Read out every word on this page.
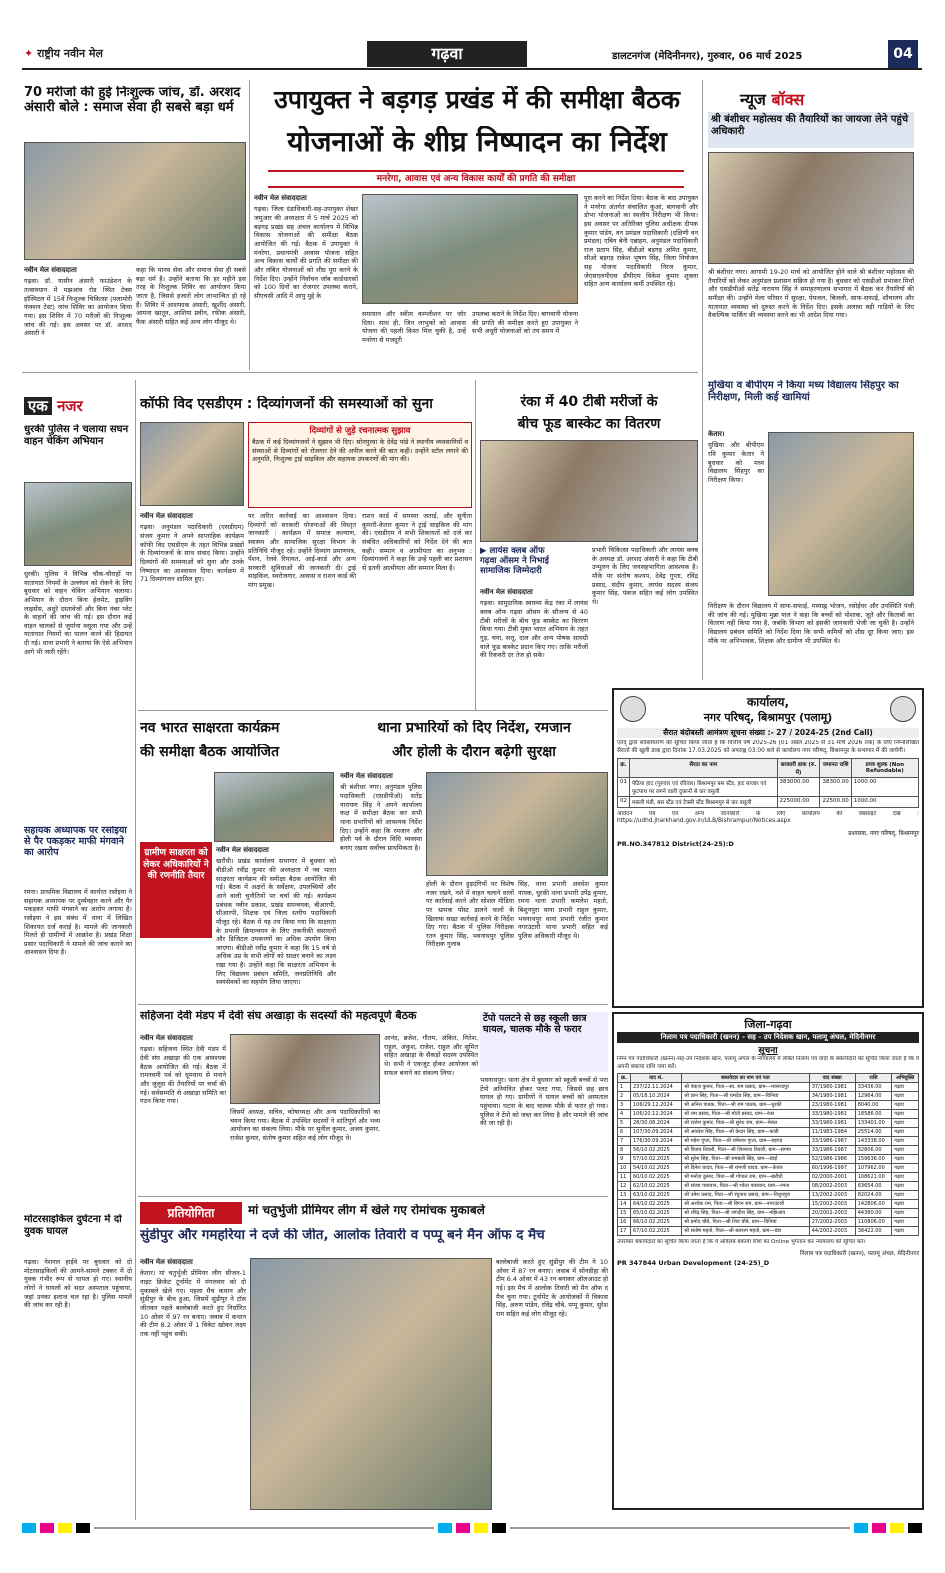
✦ राष्ट्रीय नवीन मेल	गढ़वा	डालटनगंज (मेदिनीनगर), गुरुवार, 06 मार्च 2025	04
70 मरीजों की हुई निःशुल्क जांच, डॉ. अरशद अंसारी बोले : समाज सेवा ही सबसे बड़ा धर्म
नवीन मेल संवाददाता
गढ़वा। डॉ. यासीन अंसारी फाउंडेशन के तत्वावधान में मझआंव रोड स्थित टेक्स हॉस्पिटल में 15वें निःशुल्क चिकित्सा (पलामोरी फंक्शन टेस्ट) जांच शिविर का आयोजन किया गया। इस शिविर में 70 मरीजों की निःशुल्क जांच की गई। इस अवसर पर डॉ. अरशद अंसारी ने
कहा कि मानव सेवा और समाज सेवा ही सबसे बड़ा धर्म है। उन्होंने बताया कि हर महीने इस तरह के निःशुल्क शिविर का आयोजन किया जाता है, जिससे हजारों लोग लाभान्वित हो रहे हैं। शिविर में आशफाक अंसारी, खुर्शीद अंसारी, आमना खातून, आशिया प्रवीन, रफीक अंसारी, फैक अंसारी सहित कई अन्य लोग मौजूद थे।
उपायुक्त ने बड़गड़ प्रखंड में की समीक्षा बैठक
योजनाओं के शीघ्र निष्पादन का निर्देश
मनरेगा, आवास एवं अन्य विकास कार्यों की प्रगति की समीक्षा
नवीन मेल संवाददाता
गढ़वा। जिला दंडाधिकारी-सह-उपायुक्त शेखर जमुआर की अध्यक्षता में 5 मार्च 2025 को बड़गड़ प्रखंड सह अंचल कार्यालय में विभिन्न विकास योजनाओं की समीक्षा बैठक आयोजित की गई। बैठक में उपायुक्त ने मनरेगा, प्रधानमंत्री आवास योजना सहित अन्य विकास कार्यों की प्रगति की समीक्षा की और लंबित योजनाओं को शीघ्र पूरा करने के निर्देश दिए। उन्होंने निर्वाचन जॉब कार्डधारकों को 100 दिनों का रोजगार उपलब्ध कराने, सीएचसी आदि में आयु मुद्दे के
समाधान और स्कीम कम्प्लीशन पर जोर दिया। साथ ही, जिन लाभुकों को आवास योजना की पहली किस्त मिल चुकी है, उन्हें मनरेगा से मजदूरी
उपलब्ध कराने के निर्देश दिए। बागवानी योजना की प्रगति की समीक्षा करते हुए उपायुक्त ने सभी अधूरी योजनाओं को तय समय में
पूरा करने का निर्देश दिया। बैठक के बाद उपायुक्त ने मनरेगा अंतर्गत संचालित कुआं, बागवानी और डोभा योजनाओं का स्थलीय निरीक्षण भी किया। इस अवसर पर अतिरिक्त पुलिस अधीक्षक दीपक कुमार पांडेय, वन प्रमंडल पदाधिकारी (दक्षिणी वन प्रमंडल) एबिन बेनी एब्राहम, अनुमंडल पदाधिकारी राज प्रताप सिंह, बीडीओ बड़गड़ अमित कुमार, सीओ बड़गड़ राकेश भूषण सिंह, जिला नियोजन सह योजना पदाधिकारी निरज कुमार, जेएसएलपीएस डीपीएम विकेश कुमार शुक्ला सहित अन्य कार्यालय कर्मी उपस्थित रहे।
न्यूज बॉक्स
श्री बंशीधर महोत्सव की तैयारियों का जायजा लेने पहुंचे अधिकारी
श्री बंशीधर नगर। आगामी 19-20 मार्च को आयोजित होने वाले श्री बंशीधर महोत्सव की तैयारियों को लेकर अनुमंडल प्रशासन सक्रिय हो गया है। बुधवार को एसडीओ प्रभाकर मिर्धा और एसडीपीओ सतेंद्र नारायण सिंह ने समाहरणालय सभागार में बैठक कर तैयारियों की समीक्षा की। उन्होंने मेला परिसर में सुरक्षा, पेयजल, बिजली, साफ-सफाई, शौचालय और यातायात व्यवस्था को दुरुस्त करने के निर्देश दिए। इसके अलावा बड़ी गाड़ियों के लिए वैकल्पिक पार्किंग की व्यवस्था करने का भी आदेश दिया गया।
मुखिया व बीपीएम ने किया मध्य विद्यालय सिंहपुर का निरीक्षण, मिली कई खामियां
केतार।
मुखिया और बीपीएम रवि कुमार केतार ने बुधवार को मध्य विद्यालय सिंहपुर का निरीक्षण किया।
निरीक्षण के दौरान विद्यालय में साफ-सफाई, मध्याह्न भोजन, रसोईघर और उपस्थिति पंजी की जांच की गई। मुखिया मुन्ना पाल ने कहा कि बच्चों को पोशाक, जूते और किताबों का वितरण नहीं किया गया है, जबकि विभाग को इसकी जानकारी भेजी जा चुकी है। उन्होंने विद्यालय प्रबंधन समिति को निर्देश दिया कि सभी कमियों को शीघ्र दूर किया जाए। इस मौके पर अभिभावक, शिक्षक और ग्रामीण भी उपस्थित थे।
एक नजर
धुरकी पुलिस ने चलाया सघन वाहन चेकिंग अभियान
धुरकी। पुलिस ने विभिन्न चौक-चौराहों पर यातायात नियमों के उल्लंघन को रोकने के लिए बुधवार को वाहन चेकिंग अभियान चलाया। अभियान के दौरान बिना हेलमेट, ड्राइविंग लाइसेंस, अधूरे दस्तावेजों और बिना नंबर प्लेट के वाहनों की जांच की गई। इस दौरान कई वाहन चालकों से जुर्माना वसूला गया और उन्हें यातायात नियमों का पालन करने की हिदायत दी गई। थाना प्रभारी ने बताया कि ऐसे अभियान आगे भी जारी रहेंगे।
सहायक अध्यापक पर रसोइया से पैर पकड़कर माफी मंगवाने का आरोप
रमना। प्राथमिक विद्यालय में कार्यरत रसोइया ने सहायक अध्यापक पर दुर्व्यवहार करने और पैर पकड़कर माफी मंगवाने का आरोप लगाया है। रसोइया ने इस संबंध में थाना में लिखित शिकायत दर्ज कराई है। मामले की जानकारी मिलते ही ग्रामीणों में आक्रोश है। प्रखंड शिक्षा प्रसार पदाधिकारी ने मामले की जांच कराने का आश्वासन दिया है।
मोटरसाइकिल दुर्घटना में दो युवक घायल
गढ़वा। नेशनल हाईवे पर बुधवार को दो मोटरसाइकिलों की आमने-सामने टक्कर में दो युवक गंभीर रूप से घायल हो गए। स्थानीय लोगों ने घायलों को सदर अस्पताल पहुंचाया, जहां उनका इलाज चल रहा है। पुलिस मामले की जांच कर रही है।
कॉफी विद एसडीएम : दिव्यांगजनों की समस्याओं को सुना
दिव्यांगों से जुड़े रचनात्मक सुझाव
बैठक में कई दिव्यांगजनों ने सुझाव भी दिए। सोनपुरवा के देवेंद्र पांडे ने स्थानीय व्यवसायियों व संस्थाओं से दिव्यांगों को रोजगार देने की अपील करने की बात कही। उन्होंने स्टॉल लगाने की अनुमति, निःशुल्क ट्राई साइकिल और सहायक उपकरणों की मांग की।
नवीन मेल संवाददाता
गढ़वा। अनुमंडल पदाधिकारी (एसडीएम) संजय कुमार ने अपने साप्ताहिक कार्यक्रम कॉफी विद एसडीएम के तहत विभिन्न प्रखंडों के दिव्यांगजनों के साथ संवाद किया। उन्होंने दिव्यांगों की समस्याओं को सुना और उनके निष्पादन का आश्वासन दिया। कार्यक्रम में 71 दिव्यांगजन शामिल हुए।
पर त्वरित कार्रवाई का आश्वासन दिया। दिव्यांगों को सरकारी योजनाओं की विस्तृत जानकारी : कार्यक्रम में समाज कल्याण, स्वास्थ्य और सामाजिक सुरक्षा विभाग के प्रतिनिधि मौजूद रहे। उन्होंने दिव्यांग प्रमाणपत्र, पेंशन, रेलवे रियायत, आई-कार्ड और अन्य सरकारी सुविधाओं की जानकारी दी। ट्राई साइकिल, स्वरोजगार, आवास व राशन कार्ड की मांग प्रमुख।
राशन कार्ड में समस्या जताई, और सुनीता कुमारी-केतार कुमार ने ट्राई साइकिल की मांग की। एसडीएम ने सभी शिकायतों को दर्ज कर संबंधित अधिकारियों को निर्देश देने की बात कही। सम्मान व आत्मीयता का अनुभव : दिव्यांगजनों ने कहा कि उन्हें पहली बार प्रशासन से इतनी आत्मीयता और सम्मान मिला है।
रंका में 40 टीबी मरीजों के
बीच फूड बास्केट का वितरण
▶ लायंस क्लब ऑफ
गढ़वा ऑसम ने निभाई
सामाजिक जिम्मेदारी
नवीन मेल संवाददाता
गढ़वा। सामुदायिक स्वास्थ्य केंद्र रंका में लायंस क्लब ऑफ गढ़वा ऑसम के सौजन्य से 40 टीबी मरीजों के बीच फूड बास्केट का वितरण किया गया। टीबी मुक्त भारत अभियान के तहत गुड़, चना, सत्तू, दाल और अन्य पोषक सामग्री वाले फूड बास्केट प्रदान किए गए। ताकि मरीजों की रिकवरी दर तेज हो सके।
प्रभारी चिकित्सा पदाधिकारी और लायंस क्लब के अध्यक्ष डॉ. अरशद अंसारी ने कहा कि टीबी उन्मूलन के लिए जनसहभागिता आवश्यक है। मौके पर संतोष कश्यप, देवेंद्र गुप्ता, रविंद्र प्रसाद, संदीप कुमार, लायंस सदस्य संजय कुमार सिंह, पंकज सहित कई लोग उपस्थित थे।
नव भारत साक्षरता कार्यक्रम
की समीक्षा बैठक आयोजित
ग्रामीण साक्षरता को लेकर अधिकारियों ने की रणनीति तैयार
नवीन मेल संवाददाता
खरौंधी। प्रखंड कार्यालय सभागार में बुधवार को बीडीओ रवींद्र कुमार की अध्यक्षता में नव भारत साक्षरता कार्यक्रम की समीक्षा बैठक आयोजित की गई। बैठक में अक्षरों के सर्वेक्षण, उपलब्धियों और आने वाली चुनौतियों पर चर्चा की गई। कार्यक्रम प्रबंधक नवीन प्रकाश, प्रखंड समन्वयक, बीआरपी, सीआरपी, शिक्षक एवं जिला स्तरीय पदाधिकारी मौजूद रहे। बैठक में यह तय किया गया कि साक्षरता के प्रभावी क्रियान्वयन के लिए तकनीकी संसाधनों और डिजिटल उपकरणों का अधिक उपयोग किया जाएगा। बीडीओ रवींद्र कुमार ने कहा कि 15 वर्ष से अधिक उम्र के सभी लोगों को साक्षर बनाने का लक्ष्य रखा गया है। उन्होंने कहा कि साक्षरता अभियान के लिए विद्यालय प्रबंधन समिति, जनप्रतिनिधि और स्वयंसेवकों का सहयोग लिया जाएगा।
थाना प्रभारियों को दिए निर्देश, रमजान
और होली के दौरान बढ़ेगी सुरक्षा
नवीन मेल संवाददाता
श्री बंशीधर नगर। अनुमंडल पुलिस पदाधिकारी (एसडीपीओ) सतेंद्र नारायण सिंह ने अपने कार्यालय कक्ष में समीक्षा बैठक कर सभी थाना प्रभारियों को आवश्यक निर्देश दिए। उन्होंने कहा कि रमजान और होली पर्व के दौरान विधि व्यवस्था बनाए रखना सर्वोच्च प्राथमिकता है।
होली के दौरान हुड़दंगियों पर विशेष नजर रखने, नशे में वाहन चलाने वालों पर कार्रवाई करने और सोशल मीडिया पर भ्रामक पोस्ट डालने वालों के खिलाफ सख्त कार्रवाई करने के निर्देश दिए गए। बैठक में पुलिस निरीक्षक रतन कुमार सिंह, भवनाथपुर पुलिस निरीक्षक गुलाब
सिंह, थाना प्रभारी अवधेश कुमार नायक, धुरकी थाना प्रभारी उपेंद्र कुमार, रमना थाना प्रभारी कमलेश महतो, बिशुनपुरा थाना प्रभारी राहुल कुमार, भवनाथपुर थाना प्रभारी रंजीत कुमार नगरउंटारी थाना प्रभारी सहित कई पुलिस अधिकारी मौजूद थे।
कार्यालय,
नगर परिषद्, बिश्रामपुर (पलामू)
सैरात बंदोबस्ती आमंत्रण सूचना संख्या :- 27 / 2024-25 (2nd Call)
एतद् द्वारा सर्वसाधारण को सूचित किया जाता है कि वित्तीय वर्ष 2025-26 (01 अप्रैल 2025 से 31 मार्च 2026 तक) के लिए निम्नलिखित सैरातों की खुली डाक द्वारा दिनांक 17.03.2025 को अपराह्न 03.00 बजे से कार्यालय नगर परिषद्, बिश्रामपुर के सभागार में की जायेगी।
क्र.	सैरात का नाम	सरकारी डाक (रु. में)	जमानत राशि	प्रपत्र शुल्क (Non Refundable)
01	पेठिया हाट (गुरुवार एवं रविवार) बिश्रामपुर बस स्टैंड, हाट बाजार एवं फुटपाथ पर लगने वाली दुकानों से कर वसूली	383000.00	38300.00	1000.00
02	मछली मंडी, बस स्टैंड एवं टैक्सी स्टैंड बिश्रामपुर से कर वसूली	225000.00	22500.00	1000.00
आवेदन पत्र एवं अन्य जानकारी के लिए कार्यालय की वेबसाइट देखें : https://udhd.jharkhand.gov.in/ULB/Bishrampur/Notices.aspx
प्रशासक, नगर परिषद्, बिश्रामपुर
PR.NO.347812 District(24-25):D
सहिजना देवी मंडप में देवी संघ अखाड़ा के सदस्यों की महत्वपूर्ण बैठक
नवीन मेल संवाददाता
गढ़वा। सहिजना स्थित देवी मंडप में देवी संघ अखाड़ा की एक आवश्यक बैठक आयोजित की गई। बैठक में रामनवमी पर्व को धूमधाम से मनाने और जुलूस की तैयारियों पर चर्चा की गई। सर्वसम्मति से अखाड़ा समिति का गठन किया गया।
जिसमें अध्यक्ष, सचिव, कोषाध्यक्ष और अन्य पदाधिकारियों का चयन किया गया। बैठक में उपस्थित सदस्यों ने शांतिपूर्ण और भव्य आयोजन का संकल्प लिया। मौके पर सुनील कुमार, अजय कुमार, राजेश कुमार, संतोष कुमार सहित कई लोग मौजूद थे।
आनंद, ब्रजेश, गौतम, अंकित, नितेश, राहुल, अंकुश, राजेश, राहुल और सुमित सहित अखाड़ा के सैकड़ों सदस्य उपस्थित थे। सभी ने एकजुट होकर आयोजन को सफल बनाने का संकल्प लिया।
टेंपो पलटने से छह स्कूली छात्र घायल, चालक मौके से फरार
भवनाथपुर। थाना क्षेत्र में बुधवार को स्कूली बच्चों से भरा टेंपो अनियंत्रित होकर पलट गया, जिससे छह छात्र घायल हो गए। ग्रामीणों ने घायल बच्चों को अस्पताल पहुंचाया। घटना के बाद चालक मौके से फरार हो गया। पुलिस ने टेंपो को जब्त कर लिया है और मामले की जांच की जा रही है।
जिला-गढ़वा
निलाम पत्र पदाधिकारी (खनन) - सह - उप निदेशक खान, पलामू अंचल, मेदिनीनगर
सूचना
निम्न पत्र पदाधिकारी (खनन)-सह-उप निदेशक खान, पलामू अंचल के न्यायालय में लंबित निलाम पत्र वादों के बकायेदारों को सूचित किया जाता है कि वे अपनी बकाया राशि जमा करें।
क्र.	वाद सं.	बकायेदार का नाम एवं पता	वाद संख्या	राशि	अभियुक्ति
1	237/22.11.2024	श्री पंकज कुमार, पिता—स्व. राम प्रसाद, ग्राम—भवनाथपुर	37/1980-1981	33436.00	गढ़वा
2	05/18.10.2024	श्री ज्ञान सिंह, पिता—श्री रामदेव सिंह, ग्राम—चिनियां	34/1980-1981	12964.00	गढ़वा
3	106/29.12.2024	श्री अनिल पाठक, पिता—श्री राम पाठक, ग्राम—धुरकी	23/1980-1981	8040.00	गढ़वा
4	106/20.12.2024	श्री राम प्रसाद, पिता—श्री मोती प्रसाद, ग्राम—रंका	33/1980-1981	18586.00	गढ़वा
5	28/30.08.2024	श्री राजेश कुमार, पिता—श्री सुरेश राम, ग्राम—मेराल	33/1980-1981	133401.00	गढ़वा
6	107/30.09.2024	श्री अवधेश सिंह, पिता—श्री केदार सिंह, ग्राम—कांडी	11/1983-1984	25514.00	गढ़वा
7	176/30.09.2024	श्री महेश गुप्ता, पिता—श्री रामेश्वर गुप्ता, ग्राम—बड़गड़	33/1986-1987	143338.00	गढ़वा
8	56/10.02.2025	श्री विजय तिवारी, पिता—श्री शिवनाथ तिवारी, ग्राम—सगमा	33/1986-1987	32806.00	गढ़वा
9	57/10.02.2025	श्री सुरेश सिंह, पिता—श्री रामबली सिंह, ग्राम—डंडई	52/1986-1986	159636.00	गढ़वा
10	54/10.02.2025	श्री दिनेश यादव, पिता—श्री रामजी यादव, ग्राम—केतार	60/1996-1997	107962.00	गढ़वा
11	60/10.02.2025	श्री मनोज कुमार, पिता—श्री गोपाल राम, ग्राम—खरौंधी	02/2000-2001	108621.00	गढ़वा
12	62/10.02.2025	श्री संजय पासवान, पिता—श्री भोला पासवान, ग्राम—रमना	08/2002-2003	63654.00	गढ़वा
13	63/10.02.2025	श्री उमेश प्रसाद, पिता—श्री रघुनाथ प्रसाद, ग्राम—विशुनपुरा	13/2002-2003	82024.00	गढ़वा
14	64/10.02.2025	श्री अशोक राम, पिता—श्री बिगन राम, ग्राम—नगरउंटारी	15/2002-2003	142806.00	गढ़वा
15	65/10.02.2025	श्री रविंद्र सिंह, पिता—श्री जगदीश सिंह, ग्राम—मझिआंव	20/2002-2003	44380.00	गढ़वा
16	66/10.02.2025	श्री प्रमोद चौबे, पिता—श्री शिव चौबे, ग्राम—चिनियां	27/2002-2003	110806.00	गढ़वा
17	67/10.02.2025	श्री संतोष महतो, पिता—श्री बलराम महतो, ग्राम—डंडा	44/2002-2003	38422.00	गढ़वा
उपरोक्त बकायेदारों को सूचित किया जाता है कि वे अविलंब बकाया राशि का Online भुगतान कर न्यायालय को सूचित करें।
निलाम पत्र पदाधिकारी (खनन), पलामू अंचल, मेदिनीनगर
PR 347844 Urban Development (24-25)_D
प्रतियोगिता	मां चतुर्भुजी प्रीमियर लीग में खेले गए रोमांचक मुकाबले
सुंडीपुर और गमहरिया ने दर्ज की जीत, आलोक तिवारी व पप्पू बने मैन ऑफ द मैच
नवीन मेल संवाददाता
केतार। मां चतुर्भुजी प्रीमियर लीग सीजन-1 नाइट क्रिकेट टूर्नामेंट में मंगलवार को दो मुकाबले खेले गए। पहला मैच कथान और सुंडीपुर के बीच हुआ, जिसमें सुंडीपुर ने टॉस जीतकर पहले बल्लेबाजी करते हुए निर्धारित 10 ओवर में 97 रन बनाए। जवाब में कथान की टीम 8.2 ओवर में 1 विकेट खोकर लक्ष्य तक नहीं पहुंच सकी।
बल्लेबाजी करते हुए सुंडीपुर की टीम ने 10 ओवर में 87 रन बनाए। जवाब में सोनडीहा की टीम 6.4 ओवर में 43 रन बनाकर ऑलआउट हो गई। इस मैच में आलोक तिवारी को मैन ऑफ द मैच चुना गया। टूर्नामेंट के आयोजकों में विकास सिंह, अरुण पांडेय, रविंद्र चौबे, पप्पू कुमार, सुरेश राम सहित कई लोग मौजूद रहे।
